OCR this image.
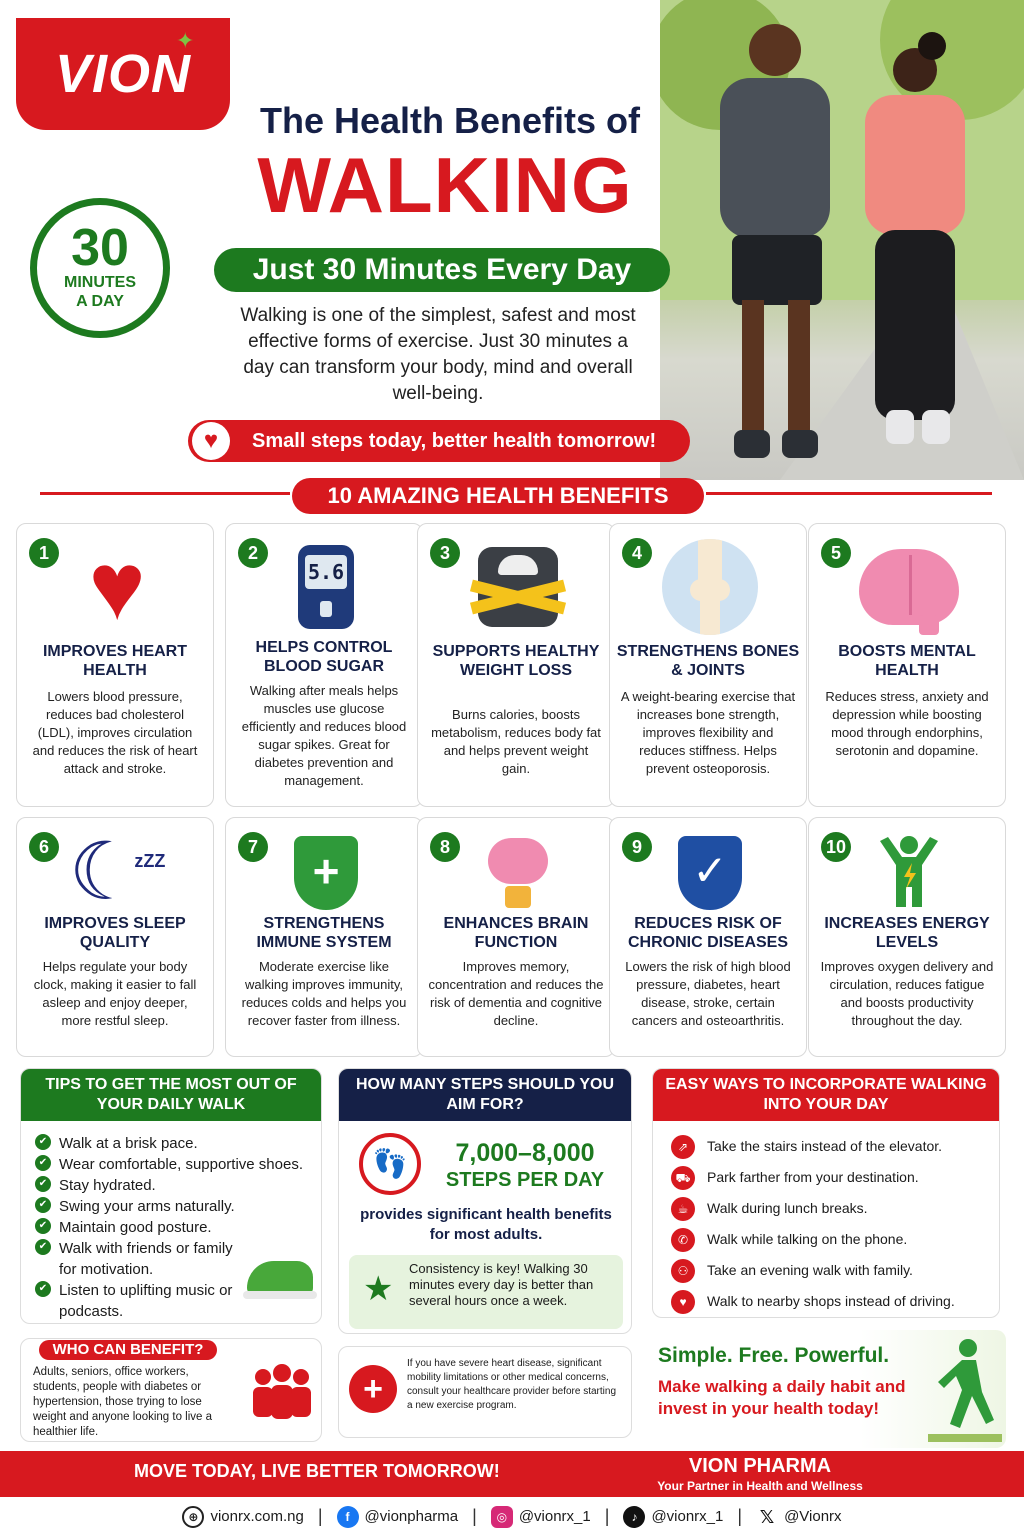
VION
✦
The Health Benefits of
WALKING
30
MINUTES A DAY
Just 30 Minutes Every Day
Walking is one of the simplest, safest and most effective forms of exercise. Just 30 minutes a day can transform your body, mind and overall well-being.
♥	Small steps today, better health tomorrow!
10 AMAZING HEALTH BENEFITS
1 ♥
IMPROVES HEART HEALTH
Lowers blood pressure, reduces bad cholesterol (LDL), improves circulation and reduces the risk of heart attack and stroke.
2
5.6
HELPS CONTROL BLOOD SUGAR
Walking after meals helps muscles use glucose efficiently and reduces blood sugar spikes. Great for diabetes prevention and management.
3
SUPPORTS HEALTHY WEIGHT LOSS
Burns calories, boosts metabolism, reduces body fat and helps prevent weight gain.
4
STRENGTHENS BONES & JOINTS
A weight-bearing exercise that increases bone strength, improves flexibility and reduces stiffness. Helps prevent osteoporosis.
5
BOOSTS MENTAL HEALTH
Reduces stress, anxiety and depression while boosting mood through endorphins, serotonin and dopamine.
6 ☾
zZZ
IMPROVES SLEEP QUALITY
Helps regulate your body clock, making it easier to fall asleep and enjoy deeper, more restful sleep.
7	+
STRENGTHENS IMMUNE SYSTEM
Moderate exercise like walking improves immunity, reduces colds and helps you recover faster from illness.
8
ENHANCES BRAIN FUNCTION
Improves memory, concentration and reduces the risk of dementia and cognitive decline.
9	✓
REDUCES RISK OF CHRONIC DISEASES
Lowers the risk of high blood pressure, diabetes, heart disease, stroke, certain cancers and osteoarthritis.
10
INCREASES ENERGY LEVELS
Improves oxygen delivery and circulation, reduces fatigue and boosts productivity throughout the day.
TIPS TO GET THE MOST OUT OF YOUR DAILY WALK
✔ Walk at a brisk pace.
✔ Wear comfortable, supportive shoes.
✔ Stay hydrated.
✔ Swing your arms naturally.
✔ Maintain good posture.
✔ Walk with friends or family for motivation.
✔ Listen to uplifting music or podcasts.
HOW MANY STEPS SHOULD YOU AIM FOR?
👣	7,000–8,000
STEPS PER DAY
provides significant health benefits for most adults.
★
Consistency is key! Walking 30 minutes every day is better than several hours once a week.
EASY WAYS TO INCORPORATE WALKING INTO YOUR DAY
⇗	Take the stairs instead of the elevator.
⛟	Park farther from your destination.
☕	Walk during lunch breaks.
✆	Walk while talking on the phone.
⚇	Take an evening walk with family.
♥	Walk to nearby shops instead of driving.
WHO CAN BENEFIT?
Adults, seniors, office workers, students, people with diabetes or hypertension, those trying to lose weight and anyone looking to live a healthier life.
+
If you have severe heart disease, significant mobility limitations or other medical concerns, consult your healthcare provider before starting a new exercise program.
Simple. Free. Powerful.
Make walking a daily habit and invest in your health today!
MOVE TODAY, LIVE BETTER TOMORROW!	VION PHARMA
Your Partner in Health and Wellness
⊕ vionrx.com.ng |	f @vionpharma |	◎ @vionrx_1 |	♪ @vionrx_1 | 𝕏 @Vionrx
